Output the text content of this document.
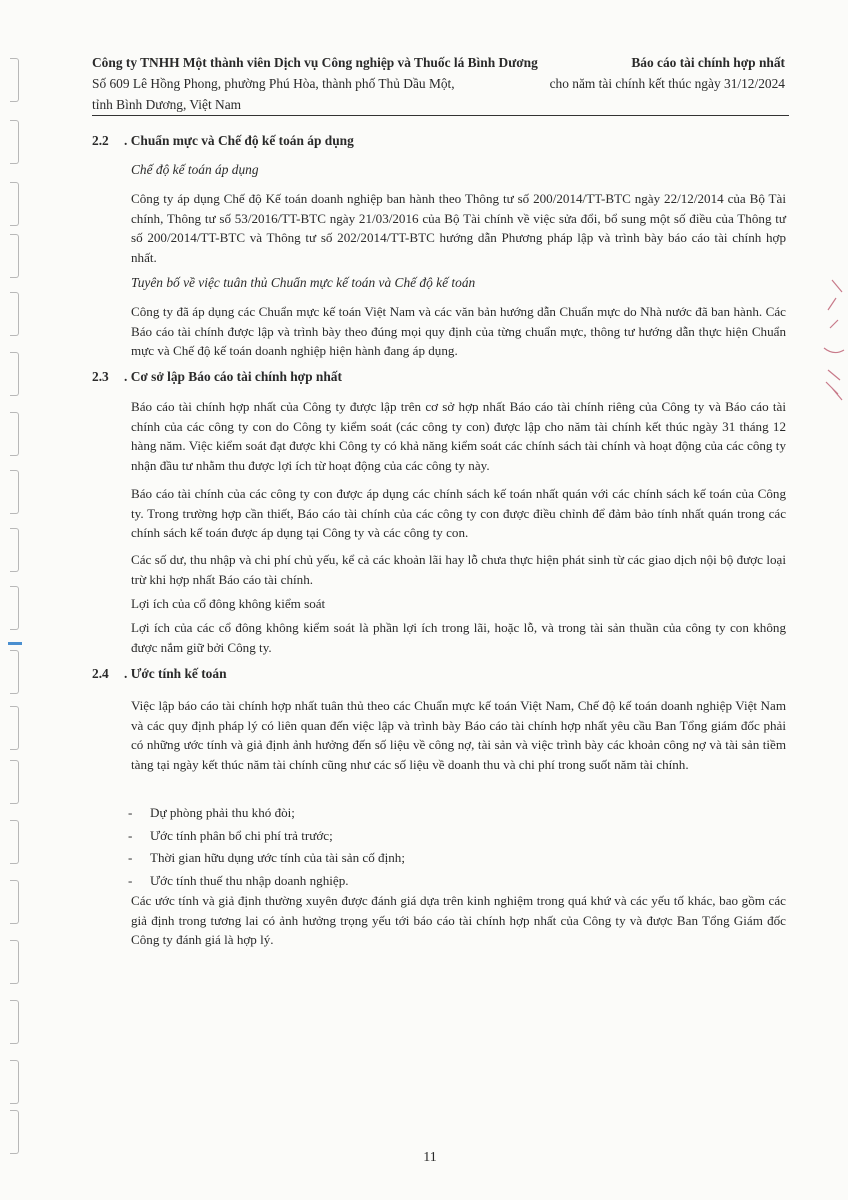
Công ty TNHH Một thành viên Dịch vụ Công nghiệp và Thuốc lá Bình Dương
Số 609 Lê Hồng Phong, phường Phú Hòa, thành phố Thủ Dầu Một,
tỉnh Bình Dương, Việt Nam
Báo cáo tài chính hợp nhất
cho năm tài chính kết thúc ngày 31/12/2024
2.2 . Chuẩn mực và Chế độ kế toán áp dụng
Chế độ kế toán áp dụng

Công ty áp dụng Chế độ Kế toán doanh nghiệp ban hành theo Thông tư số 200/2014/TT-BTC ngày 22/12/2014 của Bộ Tài chính, Thông tư số 53/2016/TT-BTC ngày 21/03/2016 của Bộ Tài chính về việc sửa đổi, bổ sung một số điều của Thông tư số 200/2014/TT-BTC và Thông tư số 202/2014/TT-BTC hướng dẫn Phương pháp lập và trình bày báo cáo tài chính hợp nhất.

Tuyên bố về việc tuân thủ Chuẩn mực kế toán và Chế độ kế toán

Công ty đã áp dụng các Chuẩn mực kế toán Việt Nam và các văn bản hướng dẫn Chuẩn mực do Nhà nước đã ban hành. Các Báo cáo tài chính được lập và trình bày theo đúng mọi quy định của từng chuẩn mực, thông tư hướng dẫn thực hiện Chuẩn mực và Chế độ kế toán doanh nghiệp hiện hành đang áp dụng.

2.3 . Cơ sở lập Báo cáo tài chính hợp nhất

Báo cáo tài chính hợp nhất của Công ty được lập trên cơ sở hợp nhất Báo cáo tài chính riêng của Công ty và Báo cáo tài chính của các công ty con do Công ty kiểm soát (các công ty con) được lập cho năm tài chính kết thúc ngày 31 tháng 12 hàng năm. Việc kiểm soát đạt được khi Công ty có khả năng kiểm soát các chính sách tài chính và hoạt động của các công ty nhận đầu tư nhằm thu được lợi ích từ hoạt động của các công ty này.

Báo cáo tài chính của các công ty con được áp dụng các chính sách kế toán nhất quán với các chính sách kế toán của Công ty. Trong trường hợp cần thiết, Báo cáo tài chính của các công ty con được điều chỉnh để đảm bảo tính nhất quán trong các chính sách kế toán được áp dụng tại Công ty và các công ty con.

Các số dư, thu nhập và chi phí chủ yếu, kể cả các khoản lãi hay lỗ chưa thực hiện phát sinh từ các giao dịch nội bộ được loại trừ khi hợp nhất Báo cáo tài chính.

Lợi ích của cổ đông không kiểm soát

Lợi ích của các cổ đông không kiểm soát là phần lợi ích trong lãi, hoặc lỗ, và trong tài sản thuần của công ty con không được nắm giữ bởi Công ty.

2.4 . Ước tính kế toán

Việc lập báo cáo tài chính hợp nhất tuân thủ theo các Chuẩn mực kế toán Việt Nam, Chế độ kế toán doanh nghiệp Việt Nam và các quy định pháp lý có liên quan đến việc lập và trình bày Báo cáo tài chính hợp nhất yêu cầu Ban Tổng giám đốc phải có những ước tính và giả định ảnh hưởng đến số liệu về công nợ, tài sản và việc trình bày các khoản công nợ và tài sản tiềm tàng tại ngày kết thúc năm tài chính cũng như các số liệu về doanh thu và chi phí trong suốt năm tài chính.

- Dự phòng phải thu khó đòi;
- Ước tính phân bổ chi phí trả trước;
- Thời gian hữu dụng ước tính của tài sản cố định;
- Ước tính thuế thu nhập doanh nghiệp.

Các ước tính và giả định thường xuyên được đánh giá dựa trên kinh nghiệm trong quá khứ và các yếu tố khác, bao gồm các giả định trong tương lai có ảnh hưởng trọng yếu tới báo cáo tài chính hợp nhất của Công ty và được Ban Tổng Giám đốc Công ty đánh giá là hợp lý.

11
